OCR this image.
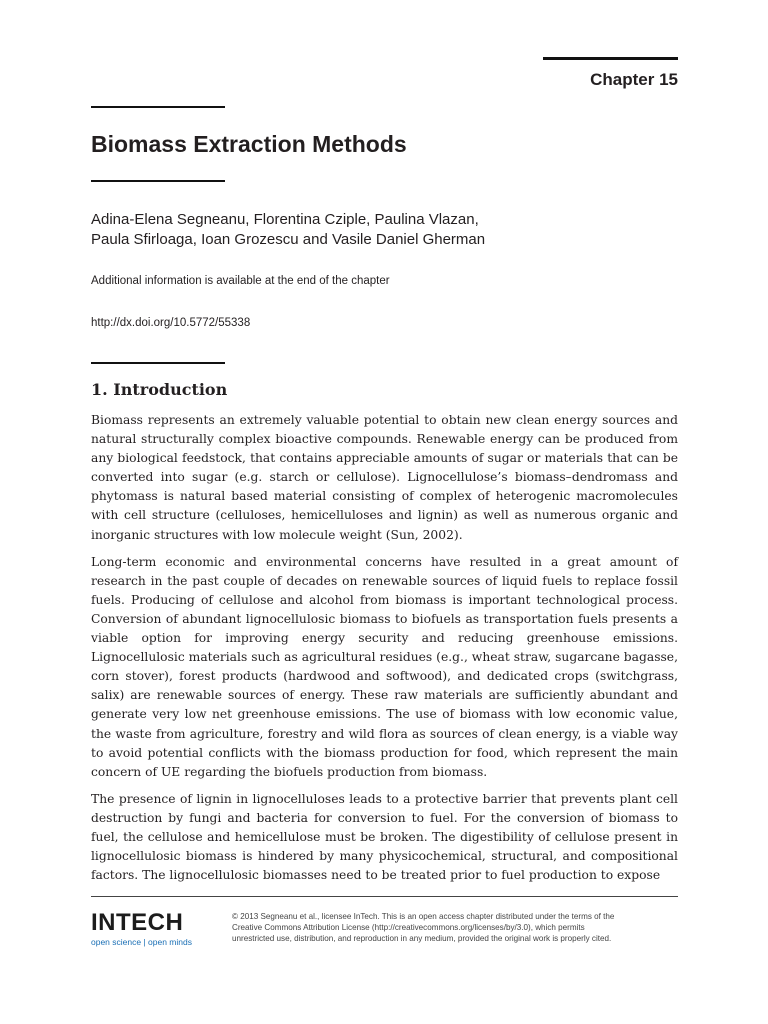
Chapter 15
Biomass Extraction Methods
Adina-Elena Segneanu, Florentina Cziple, Paulina Vlazan,
Paula Sfirloaga, Ioan Grozescu and Vasile Daniel Gherman
Additional information is available at the end of the chapter
http://dx.doi.org/10.5772/55338
1. Introduction

Biomass represents an extremely valuable potential to obtain new clean energy sources and natural structurally complex bioactive compounds. Renewable energy can be produced from any biological feedstock, that contains appreciable amounts of sugar or materials that can be converted into sugar (e.g. starch or cellulose). Lignocellulose’s biomass–dendromass and phytomass is natural based material consisting of complex of heterogenic macromolecules with cell structure (celluloses, hemicelluloses and lignin) as well as numerous organic and inorganic structures with low molecule weight (Sun, 2002).

Long-term economic and environmental concerns have resulted in a great amount of research in the past couple of decades on renewable sources of liquid fuels to replace fossil fuels. Producing of cellulose and alcohol from biomass is important technological process. Conversion of abundant lignocellulosic biomass to biofuels as transportation fuels presents a viable option for improving energy security and reducing greenhouse emissions. Lignocellulosic materials such as agricultural residues (e.g., wheat straw, sugarcane bagasse, corn stover), forest products (hardwood and softwood), and dedicated crops (switchgrass, salix) are renewable sources of energy. These raw materials are sufficiently abundant and generate very low net greenhouse emissions. The use of biomass with low economic value, the waste from agriculture, forestry and wild flora as sources of clean energy, is a viable way to avoid potential conflicts with the biomass production for food, which represent the main concern of UE regarding the biofuels production from biomass.

The presence of lignin in lignocelluloses leads to a protective barrier that prevents plant cell destruction by fungi and bacteria for conversion to fuel. For the conversion of biomass to fuel, the cellulose and hemicellulose must be broken. The digestibility of cellulose present in lignocellulosic biomass is hindered by many physicochemical, structural, and compositional factors. The lignocellulosic biomasses need to be treated prior to fuel production to expose

INTECH
open science | open minds
© 2013 Segneanu et al., licensee InTech. This is an open access chapter distributed under the terms of the
Creative Commons Attribution License (http://creativecommons.org/licenses/by/3.0), which permits
unrestricted use, distribution, and reproduction in any medium, provided the original work is properly cited.
